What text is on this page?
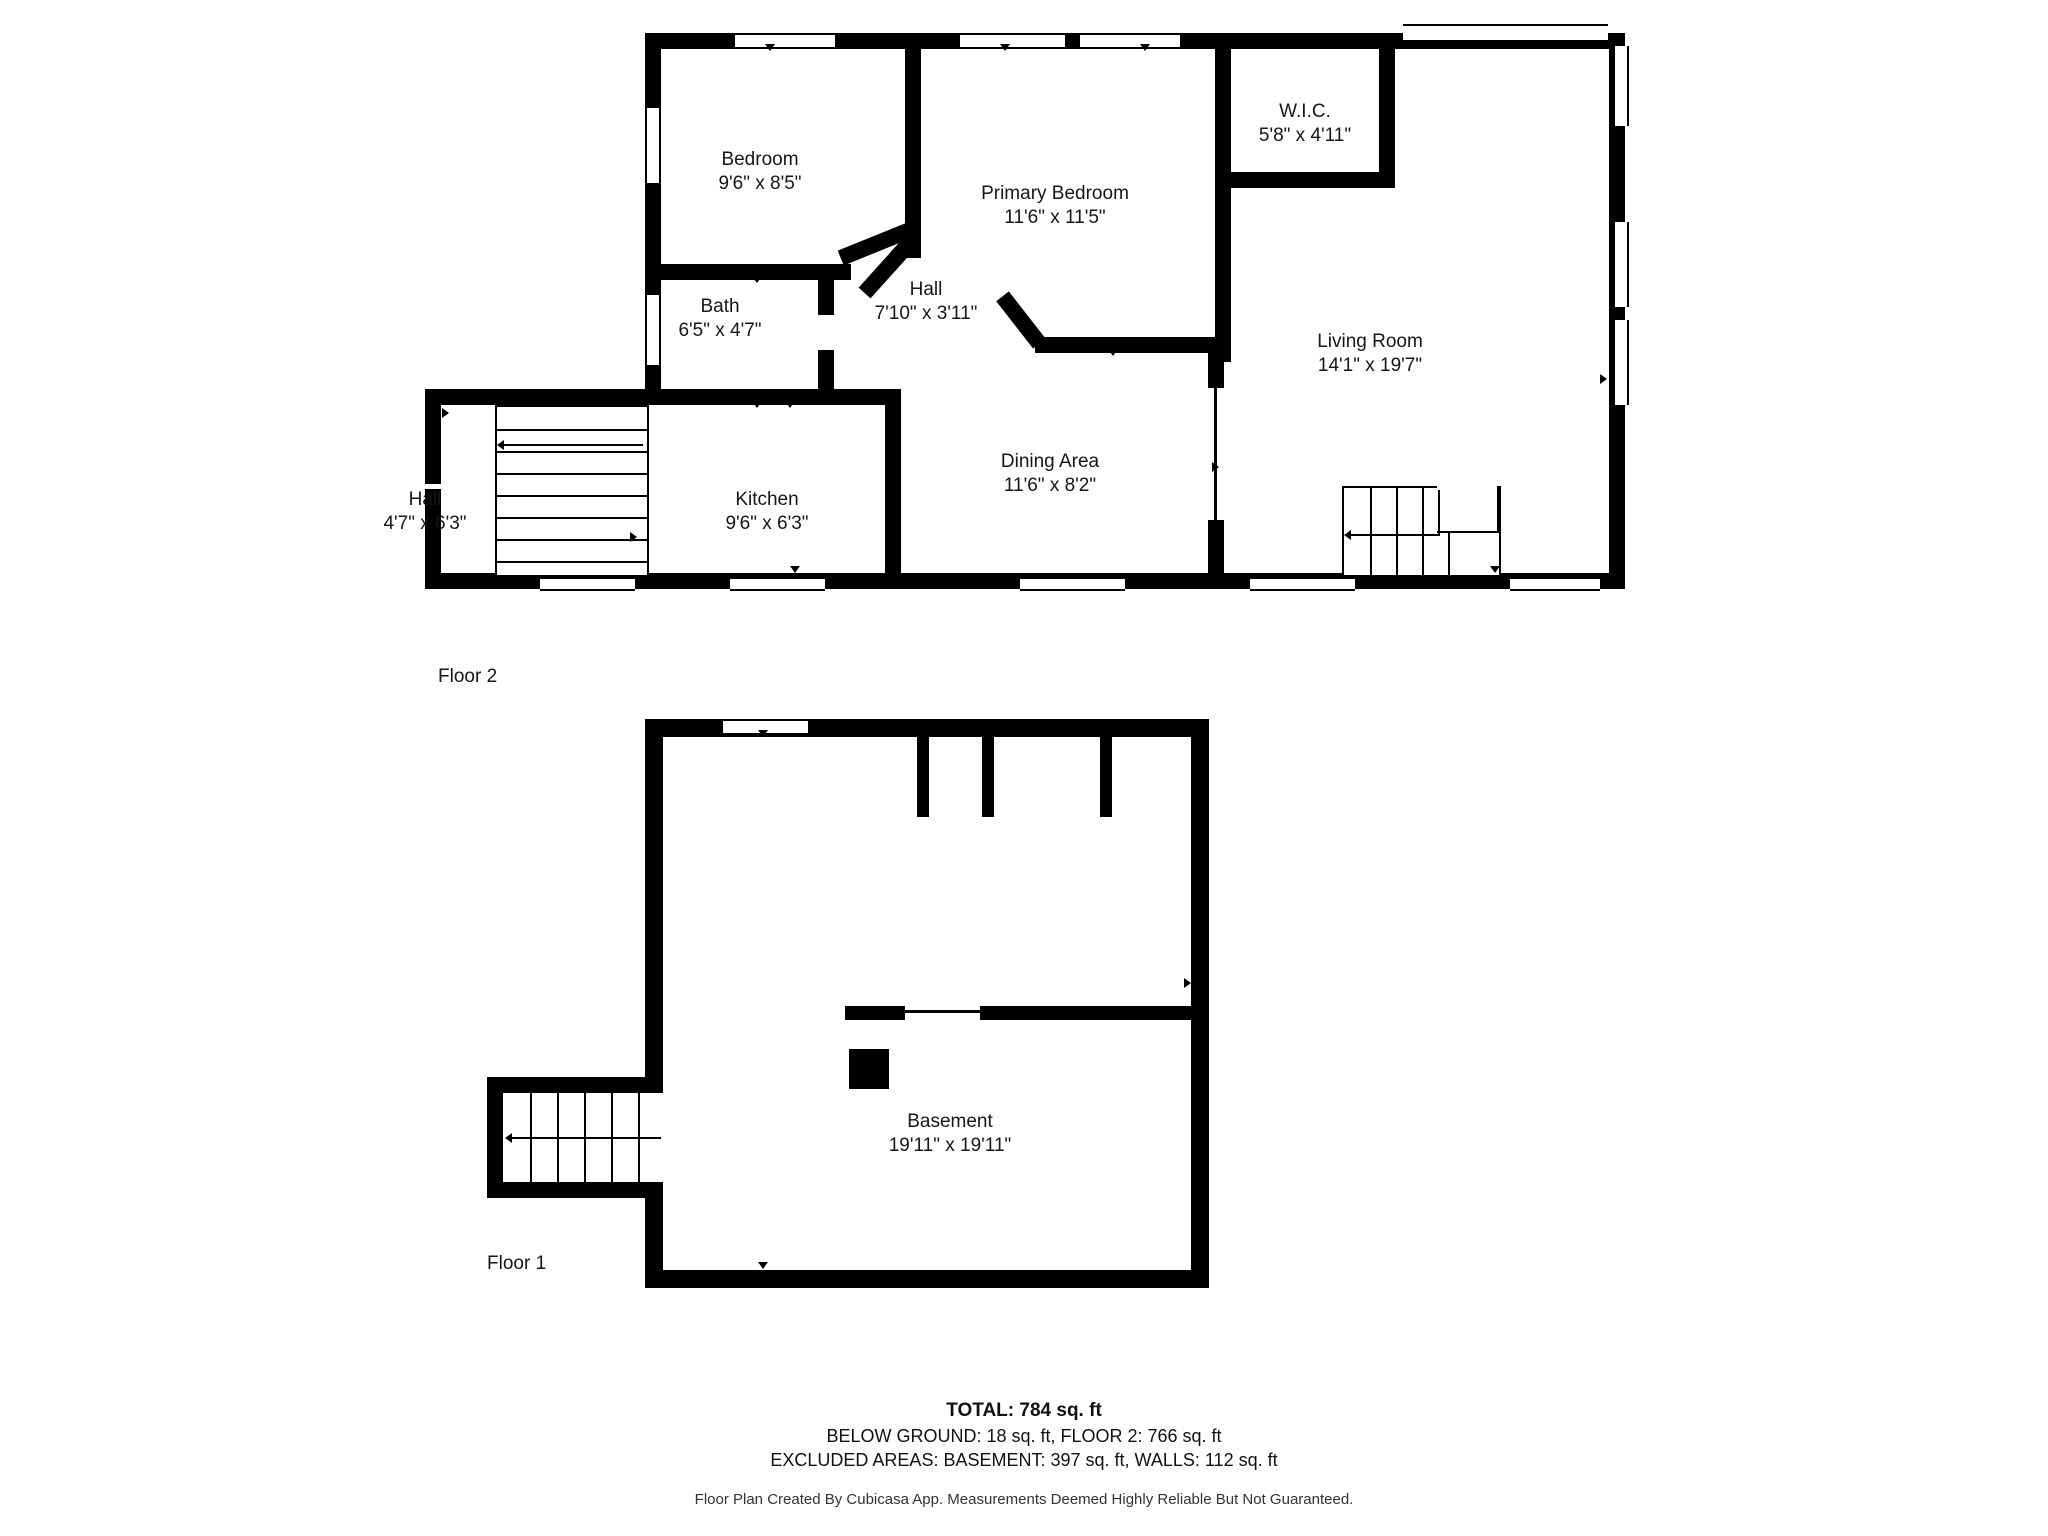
Bedroom
9'6" x 8'5"	Primary Bedroom
11'6" x 11'5"
W.I.C.
5'8" x 4'11"
Living Room
14'1" x 19'7"
Bath
6'5" x 4'7"
Hall
7'10" x 3'11"
Hall
4'7" x 6'3"
Kitchen
9'6" x 6'3"
Dining Area
11'6" x 8'2"
Floor 2
Basement
19'11" x 19'11"
Floor 1
TOTAL: 784 sq. ft
BELOW GROUND: 18 sq. ft, FLOOR 2: 766 sq. ft
EXCLUDED AREAS: BASEMENT: 397 sq. ft, WALLS: 112 sq. ft
Floor Plan Created By Cubicasa App. Measurements Deemed Highly Reliable But Not Guaranteed.
